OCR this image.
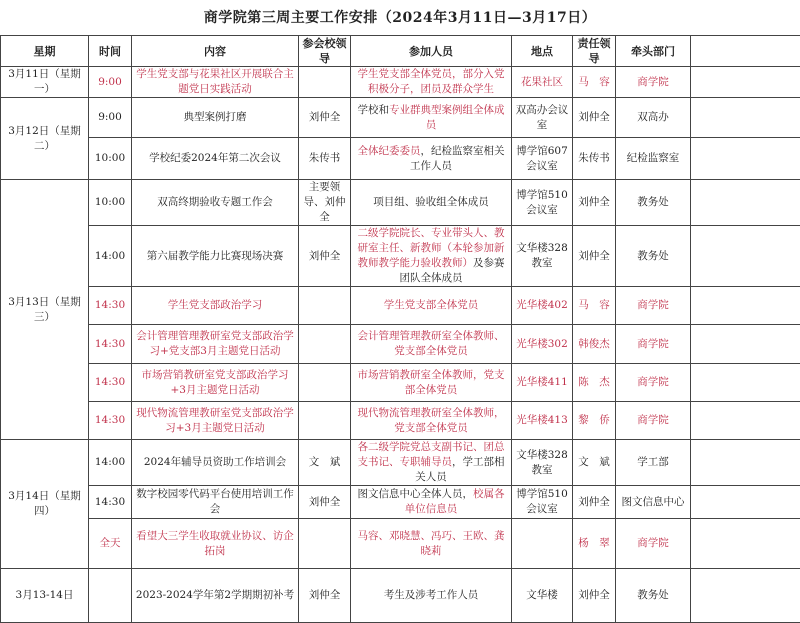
商学院第三周主要工作安排（2024年3月11日—3月17日）
星期	时间	内容	参会校领导	参加人员	地点	责任领导	牵头部门	
3月11日（星期一）	9:00	学生党支部与花果社区开展联合主题党日实践活动		学生党支部全体党员，部分入党积极分子，团员及群众学生	花果社区	马　容	商学院	
3月12日（星期二）	9:00	典型案例打磨	刘仲全	学校和专业群典型案例组全体成员	双高办会议室	刘仲全	双高办	
	10:00	学校纪委2024年第二次会议	朱传书	全体纪委委员，纪检监察室相关工作人员	博学馆607会议室	朱传书	纪检监察室	
3月13日（星期三）	10:00	双高终期验收专题工作会	主要领导、刘仲全	项目组、验收组全体成员	博学馆510会议室	刘仲全	教务处	
	14:00	第六届教学能力比赛现场决赛	刘仲全	二级学院院长、专业带头人、教研室主任、新教师（本轮参加新教师教学能力验收教师）及参赛团队全体成员	文华楼328教室	刘仲全	教务处	
	14:30	学生党支部政治学习		学生党支部全体党员	光华楼402	马　容	商学院	
	14:30	会计管理管理教研室党支部政治学习+党支部3月主题党日活动		会计管理管理教研室全体教师、党支部全体党员	光华楼302	韩俊杰	商学院	
	14:30	市场营销教研室党支部政治学习+3月主题党日活动		市场营销教研室全体教师，党支部全体党员	光华楼411	陈　杰	商学院	
	14:30	现代物流管理教研室党支部政治学习+3月主题党日活动		现代物流管理教研室全体教师，党支部全体党员	光华楼413	黎　侨	商学院	
3月14日（星期四）	14:00	2024年辅导员资助工作培训会	文　斌	各二级学院党总支副书记、团总支书记、专职辅导员，学工部相关人员	文华楼328教室	文　斌	学工部	
	14:30	数字校园零代码平台使用培训工作会	刘仲全	图文信息中心全体人员，校属各单位信息员	博学馆510会议室	刘仲全	图文信息中心	
	全天	看望大三学生收取就业协议、访企拓岗		马容、邓晓慧、冯巧、王欧、龚晓莉		杨　翠	商学院	
3月13-14日		2023-2024学年第2学期期初补考	刘仲全	考生及涉考工作人员	文华楼	刘仲全	教务处	
